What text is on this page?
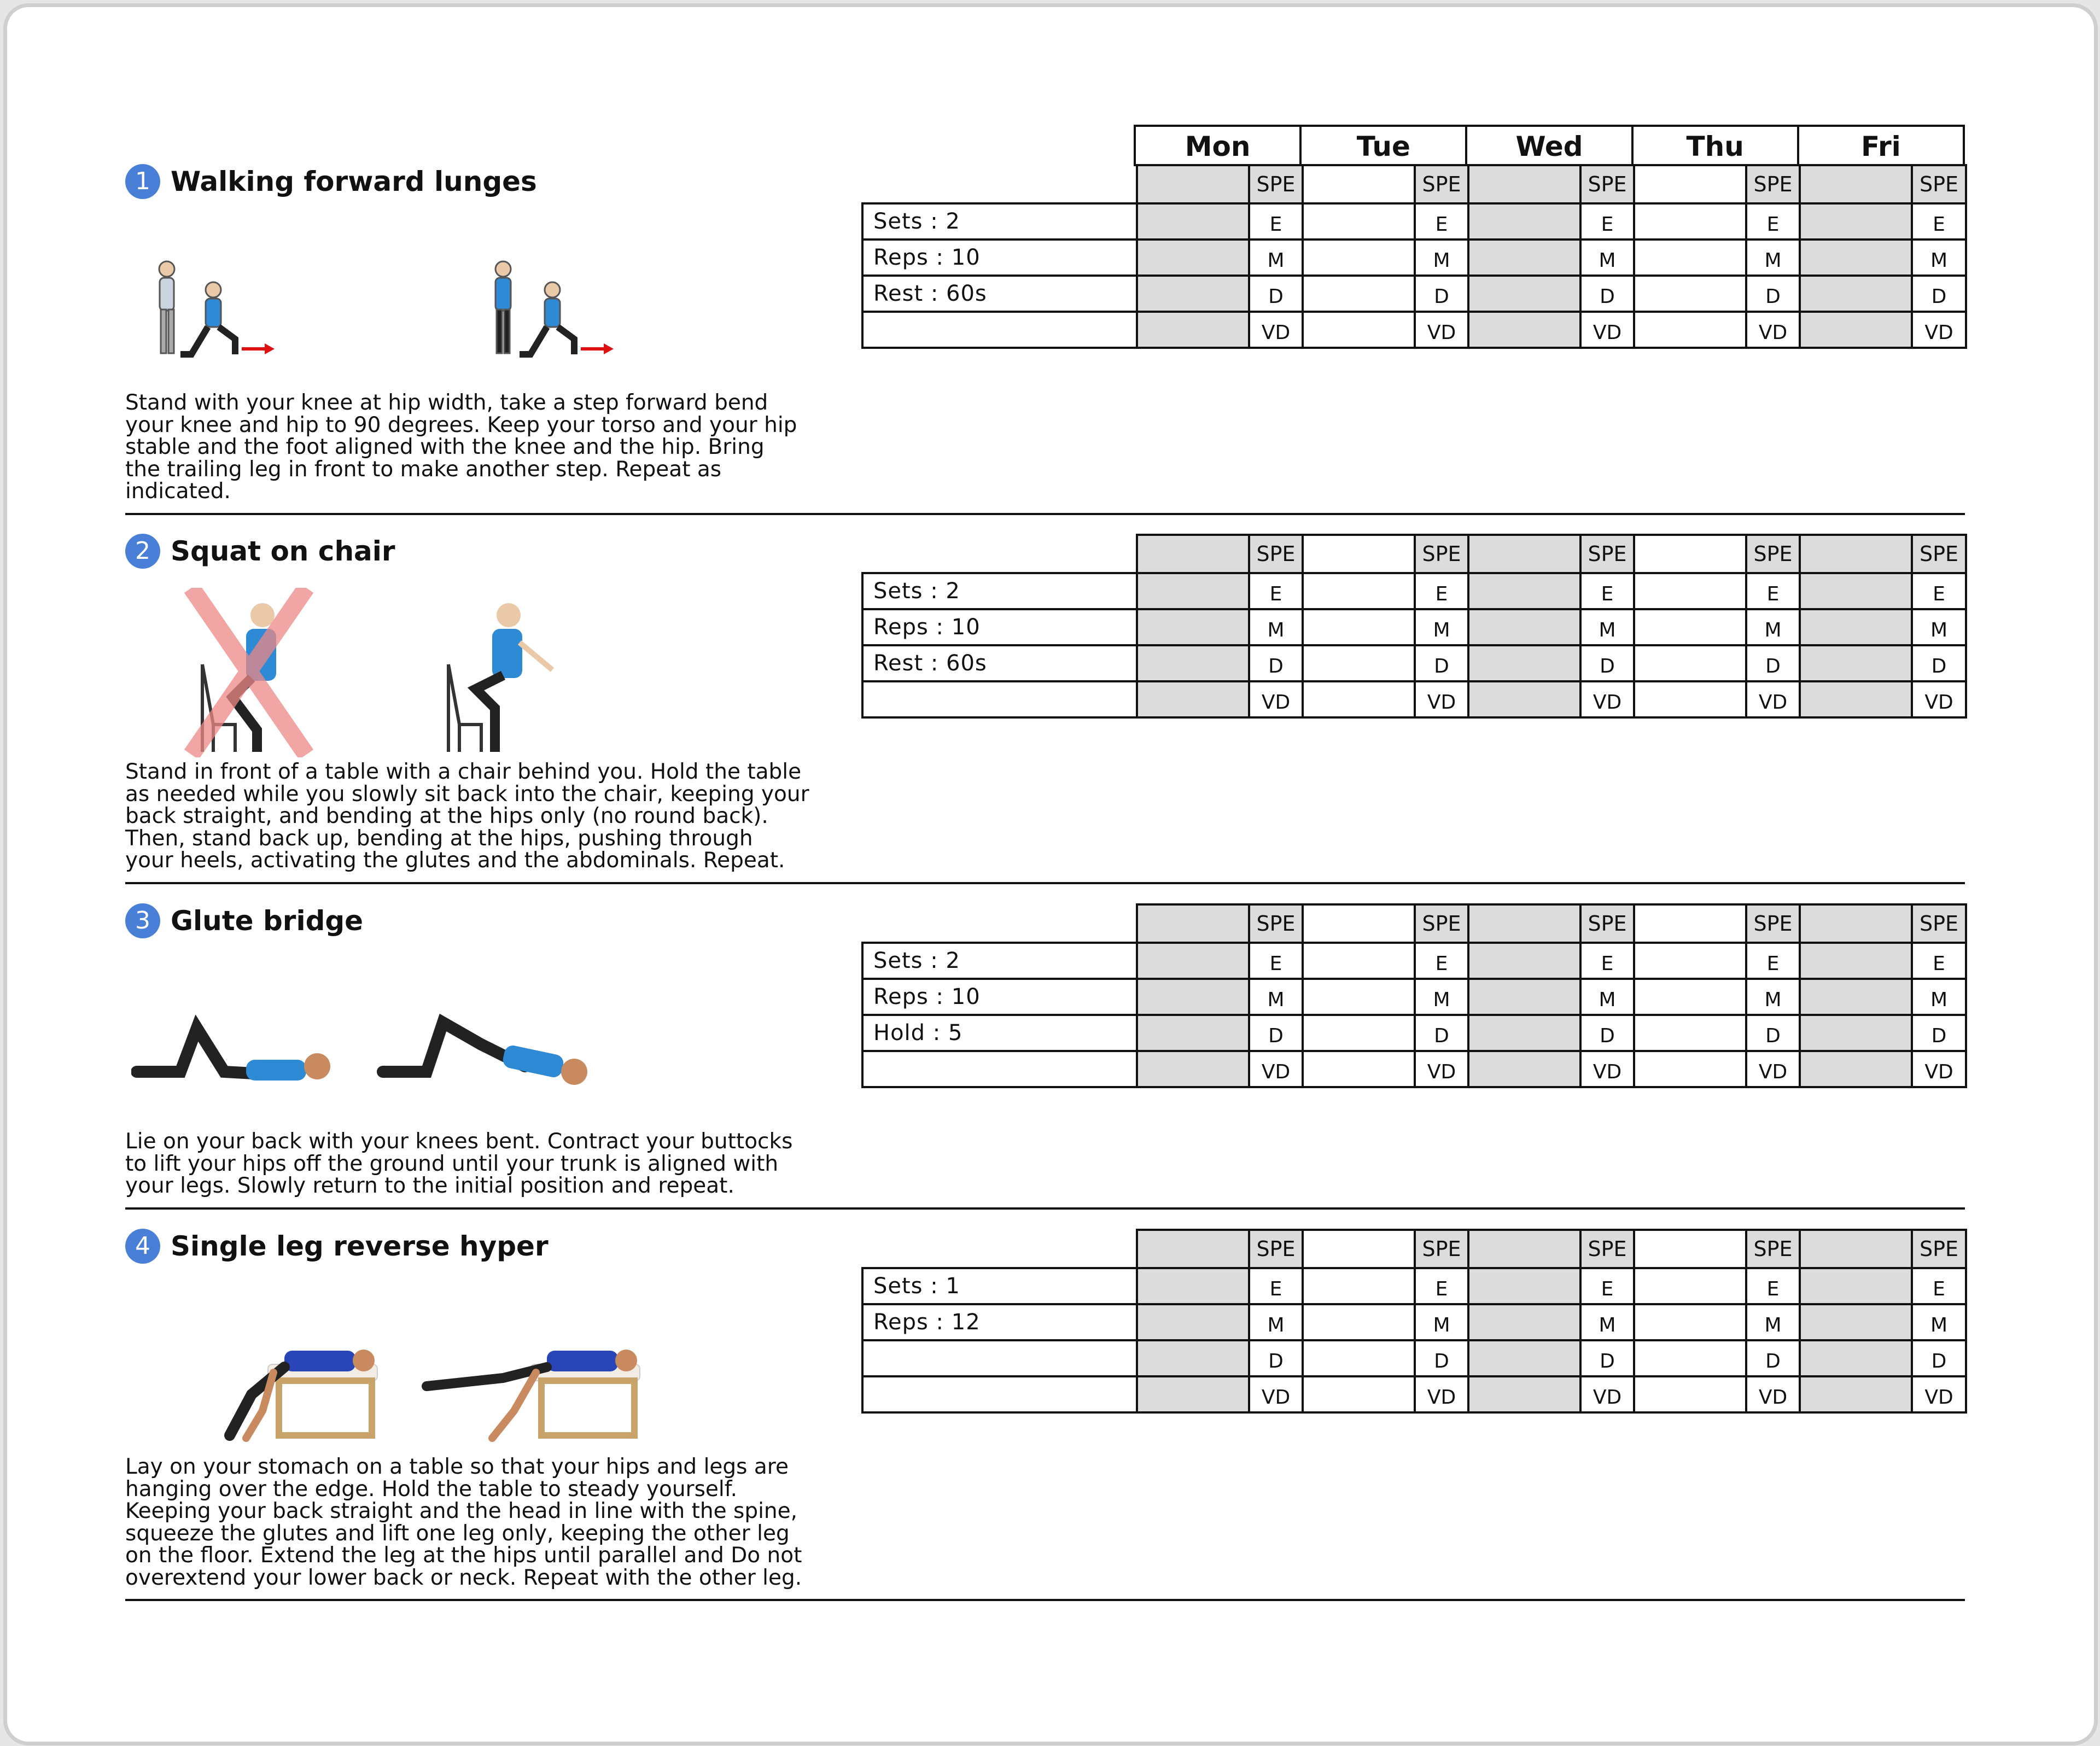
Mon	Tue	Wed	Thu	Fri
1 Walking forward lunges
Stand with your knee at hip width, take a step forward bend
your knee and hip to 90 degrees. Keep your torso and your hip
stable and the foot aligned with the knee and the hip. Bring
the trailing leg in front to make another step. Repeat as
indicated.
		SPE		SPE		SPE		SPE		SPE
Sets : 2		E		E		E		E		E
Reps : 10		M		M		M		M		M
Rest : 60s		D		D		D		D		D
		VD		VD		VD		VD		VD
2 Squat on chair
Stand in front of a table with a chair behind you. Hold the table
as needed while you slowly sit back into the chair, keeping your
back straight, and bending at the hips only (no round back).
Then, stand back up, bending at the hips, pushing through
your heels, activating the glutes and the abdominals. Repeat.
		SPE		SPE		SPE		SPE		SPE
Sets : 2		E		E		E		E		E
Reps : 10		M		M		M		M		M
Rest : 60s		D		D		D		D		D
		VD		VD		VD		VD		VD
3 Glute bridge
Lie on your back with your knees bent. Contract your buttocks
to lift your hips off the ground until your trunk is aligned with
your legs. Slowly return to the initial position and repeat.
		SPE		SPE		SPE		SPE		SPE
Sets : 2		E		E		E		E		E
Reps : 10		M		M		M		M		M
Hold : 5		D		D		D		D		D
		VD		VD		VD		VD		VD
4 Single leg reverse hyper
Lay on your stomach on a table so that your hips and legs are
hanging over the edge. Hold the table to steady yourself.
Keeping your back straight and the head in line with the spine,
squeeze the glutes and lift one leg only, keeping the other leg
on the floor. Extend the leg at the hips until parallel and Do not
overextend your lower back or neck. Repeat with the other leg.
		SPE		SPE		SPE		SPE		SPE
Sets : 1		E		E		E		E		E
Reps : 12		M		M		M		M		M
		D		D		D		D		D
		VD		VD		VD		VD		VD
